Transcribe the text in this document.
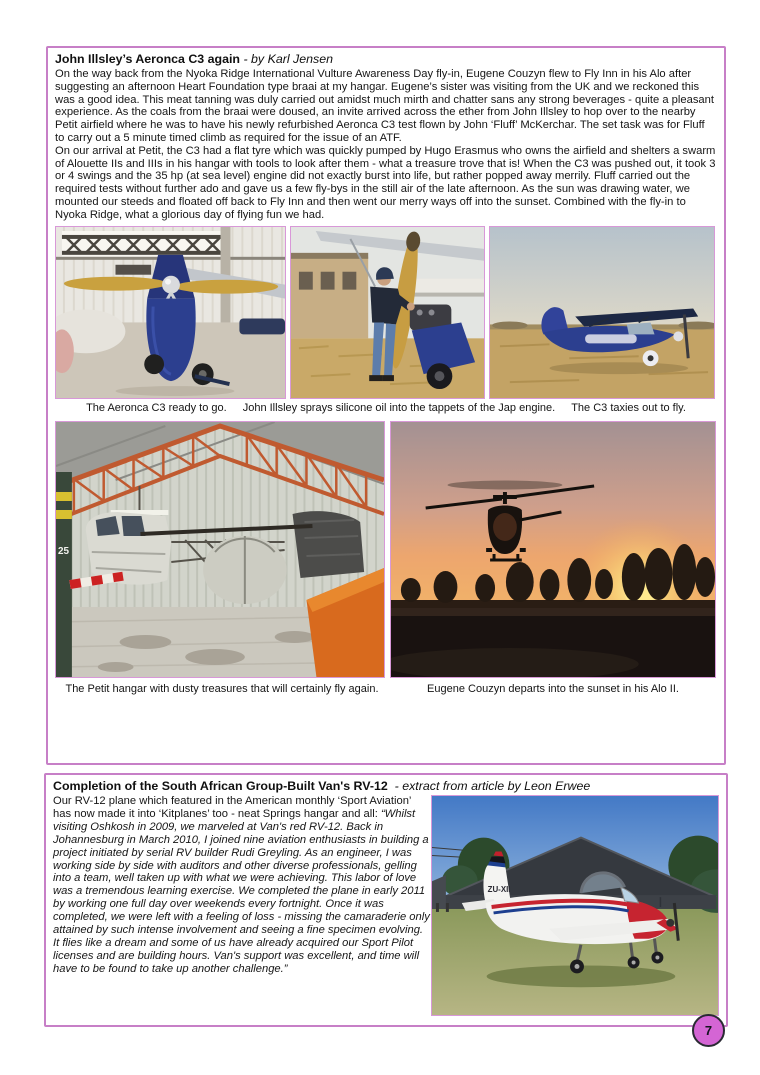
John Illsley’s Aeronca C3 again - by Karl Jensen

On the way back from the Nyoka Ridge International Vulture Awareness Day fly-in, Eugene Couzyn flew to Fly Inn in his Alo after suggesting an afternoon Heart Foundation type braai at my hangar. Eugene’s sister was visiting from the UK and we reckoned this was a good idea. This meat tanning was duly carried out amidst much mirth and chatter sans any strong beverages - quite a pleasant experience. As the coals from the braai were doused, an invite arrived across the ether from John Illsley to hop over to the nearby Petit airfield where he was to have his newly refurbished Aeronca C3 test flown by John ‘Fluff’ McKerchar. The set task was for Fluff to carry out a 5 minute timed climb as required for the issue of an ATF.

On our arrival at Petit, the C3 had a flat tyre which was quickly pumped by Hugo Erasmus who owns the airfield and shelters a swarm of Alouette IIs and IIIs in his hangar with tools to look after them - what a treasure trove that is! When the C3 was pushed out, it took 3 or 4 swings and the 35 hp (at sea level) engine did not exactly burst into life, but rather popped away merrily. Fluff carried out the required tests without further ado and gave us a few fly-bys in the still air of the late afternoon. As the sun was drawing water, we mounted our steeds and floated off back to Fly Inn and then went our merry ways off into the sunset. Combined with the fly-in to Nyoka Ridge, what a glorious day of flying fun we had.

The Aeronca C3 ready to go. John Illsley sprays silicone oil into the tappets of the Jap engine. The C3 taxies out to fly.
25
The Petit hangar with dusty treasures that will certainly fly again.	Eugene Couzyn departs into the sunset in his Alo II.
Completion of the South African Group-Built Van's RV-12 - extract from article by Leon Erwee
ZU-XII

Our RV-12 plane which featured in the American monthly ‘Sport Aviation’ has now made it into ‘Kitplanes’ too - neat Springs hangar and all: “Whilst visiting Oshkosh in 2009, we marveled at Van's red RV-12. Back in Johannesburg in March 2010, I joined nine aviation enthusiasts in building a project initiated by serial RV builder Rudi Greyling. As an engineer, I was working side by side with auditors and other diverse professionals, gelling into a team, well taken up with what we were achieving. This labor of love was a tremendous learning exercise. We completed the plane in early 2011 by working one full day over weekends every fortnight. Once it was completed, we were left with a feeling of loss - missing the camaraderie only attained by such intense involvement and seeing a fine specimen evolving. It flies like a dream and some of us have already acquired our Sport Pilot licenses and are building hours. Van's support was excellent, and time will have to be found to take up another challenge.”

7
